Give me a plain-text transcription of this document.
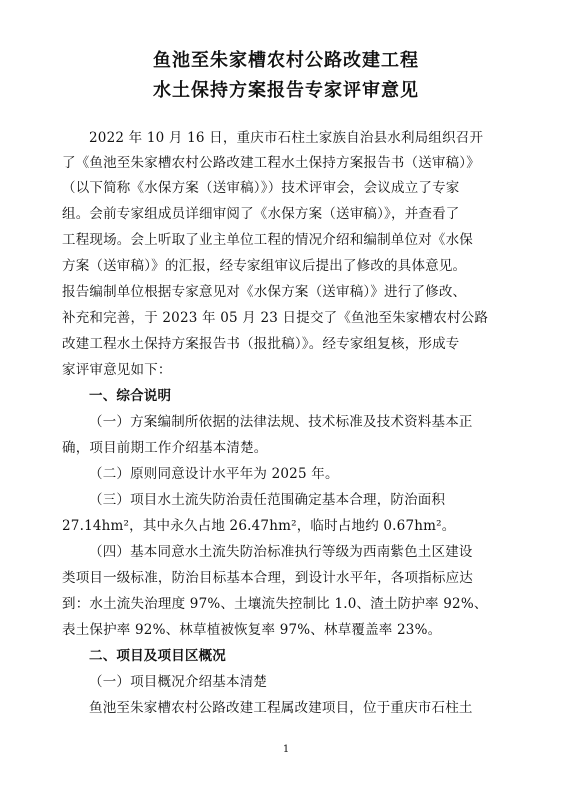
鱼池至朱家槽农村公路改建工程
水土保持方案报告专家评审意见
2022 年 10 月 16 日，重庆市石柱土家族自治县水利局组织召开
了《鱼池至朱家槽农村公路改建工程水土保持方案报告书（送审稿）》
（以下简称《水保方案（送审稿）》）技术评审会，会议成立了专家
组。会前专家组成员详细审阅了《水保方案（送审稿）》，并查看了
工程现场。会上听取了业主单位工程的情况介绍和编制单位对《水保
方案（送审稿）》的汇报，经专家组审议后提出了修改的具体意见。
报告编制单位根据专家意见对《水保方案（送审稿）》进行了修改、
补充和完善，于 2023 年 05 月 23 日提交了《鱼池至朱家槽农村公路
改建工程水土保持方案报告书（报批稿）》。经专家组复核，形成专
家评审意见如下：
一、综合说明
（一）方案编制所依据的法律法规、技术标准及技术资料基本正
确，项目前期工作介绍基本清楚。
（二）原则同意设计水平年为 2025 年。
（三）项目水土流失防治责任范围确定基本合理，防治面积
27.14hm²，其中永久占地 26.47hm²，临时占地约 0.67hm²。
（四）基本同意水土流失防治标准执行等级为西南紫色土区建设
类项目一级标准，防治目标基本合理，到设计水平年，各项指标应达
到：水土流失治理度 97%、土壤流失控制比 1.0、渣土防护率 92%、
表土保护率 92%、林草植被恢复率 97%、林草覆盖率 23%。
二、项目及项目区概况
（一）项目概况介绍基本清楚
鱼池至朱家槽农村公路改建工程属改建项目，位于重庆市石柱土
1
